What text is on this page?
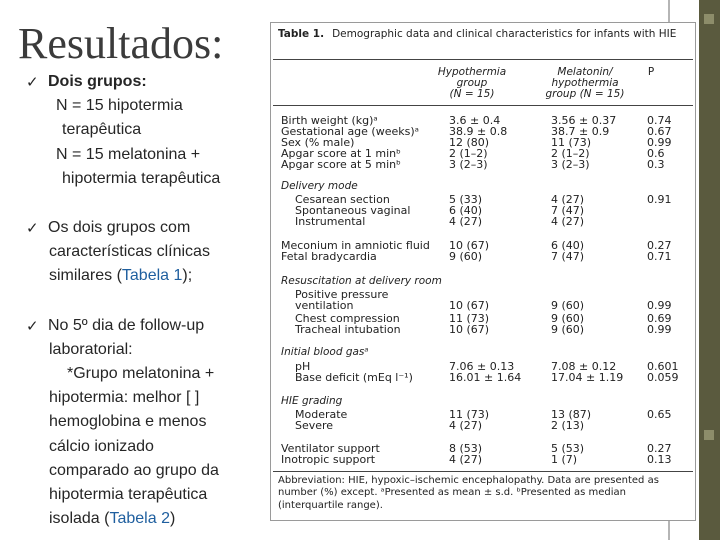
Resultados:
✓ Dois grupos:
N = 15 hipotermia
terapêutica
N = 15 melatonina +
hipotermia terapêutica
✓ Os dois grupos com
características clínicas
similares (Tabela 1);
✓ No 5º dia de follow-up
laboratorial:
*Grupo melatonina +
hipotermia: melhor [ ]
hemoglobina e menos
cálcio ionizado
comparado ao grupo da
hipotermia terapêutica
isolada (Tabela 2)
Table 1. Demographic data and clinical characteristics for infants with HIE
Hypothermia
group
(N = 15)
Melatonin/
hypothermia
group (N = 15)
P
Birth weight (kg)ᵃ	3.6 ± 0.4	3.56 ± 0.37	0.74
Gestational age (weeks)ᵃ	38.9 ± 0.8	38.7 ± 0.9	0.67
Sex (% male)	12 (80)	11 (73)	0.99
Apgar score at 1 minᵇ	2 (1–2)	2 (1–2)	0.6
Apgar score at 5 minᵇ	3 (2–3)	3 (2–3)	0.3
Delivery mode
Cesarean section	5 (33)	4 (27)	0.91
Spontaneous vaginal	6 (40)	7 (47)
Instrumental	4 (27)	4 (27)
Meconium in amniotic fluid 10 (67)	6 (40)	0.27
Fetal bradycardia	9 (60)	7 (47)	0.71
Resuscitation at delivery room
Positive pressure
ventilation	10 (67)	9 (60)	0.99
Chest compression	11 (73)	9 (60)	0.69
Tracheal intubation	10 (67)	9 (60)	0.99
Initial blood gasᵃ
pH	7.06 ± 0.13	7.08 ± 0.12	0.601
Base deficit (mEq l⁻¹)	16.01 ± 1.64	17.04 ± 1.19 0.059
HIE grading
Moderate	11 (73)	13 (87)	0.65
Severe	4 (27)	2 (13)
Ventilator support	8 (53)	5 (53)	0.27
Inotropic support	4 (27)	1 (7)	0.13
Abbreviation: HIE, hypoxic–ischemic encephalopathy. Data are presented as number (%) except. ᵃPresented as mean ± s.d. ᵇPresented as median (interquartile range).
